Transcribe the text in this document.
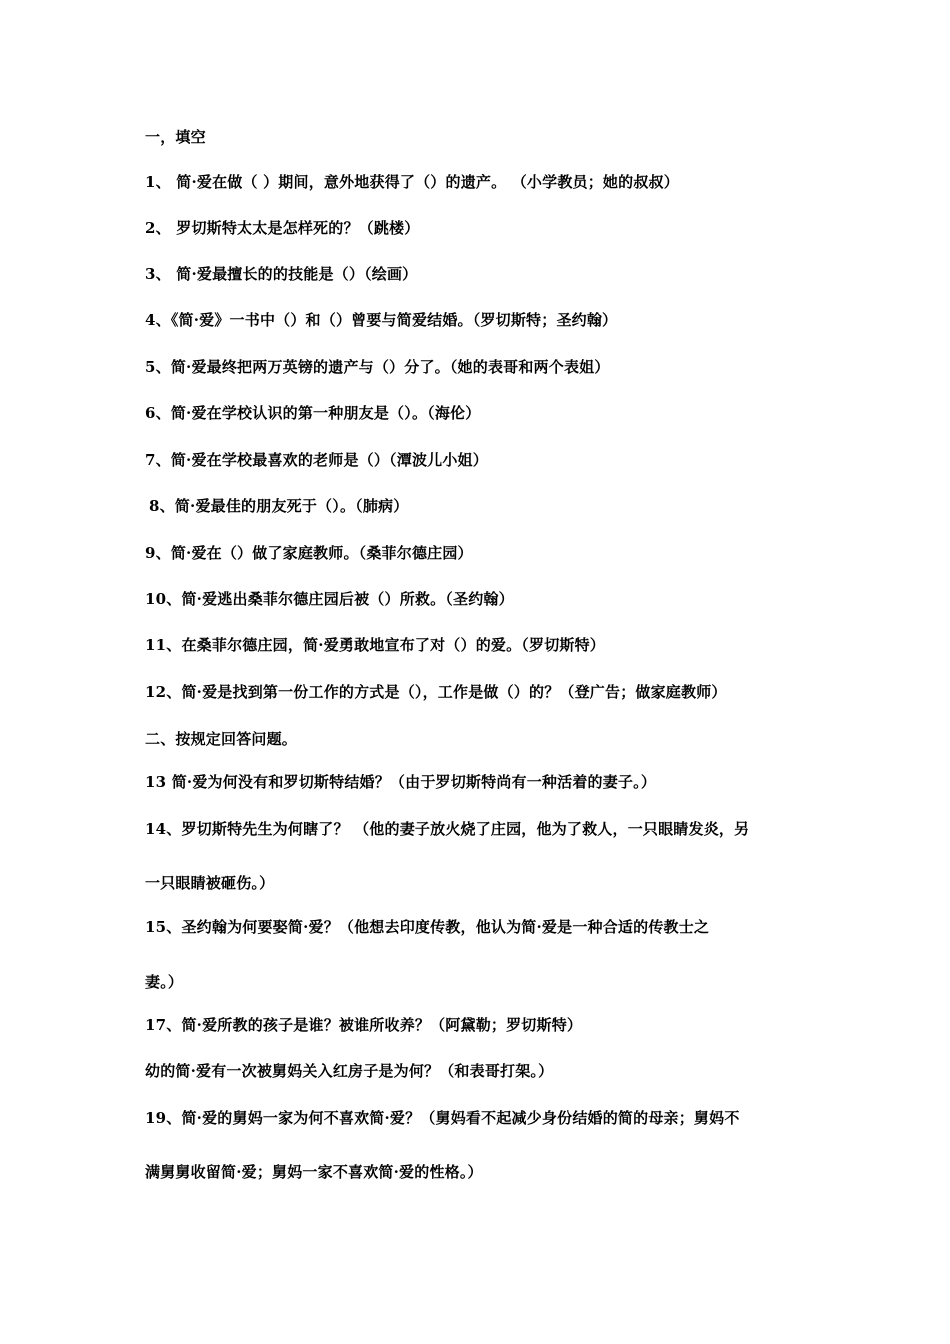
一，填空
1、 简·爱在做（ ）期间，意外地获得了（）的遗产。 （小学教员；她的叔叔）
2、 罗切斯特太太是怎样死的？（跳楼）
3、 简·爱最擅长的的技能是（）（绘画）
4、《简·爱》一书中（）和（）曾要与简爱结婚。（罗切斯特；圣约翰）
5、简·爱最终把两万英镑的遗产与（）分了。（她的表哥和两个表姐）
6、简·爱在学校认识的第一种朋友是（）。（海伦）
7、简·爱在学校最喜欢的老师是（）（潭波儿小姐）
8、简·爱最佳的朋友死于（）。（肺病）
9、简·爱在（）做了家庭教师。（桑菲尔德庄园）
10、简·爱逃出桑菲尔德庄园后被（）所救。（圣约翰）
11、在桑菲尔德庄园，简·爱勇敢地宣布了对（）的爱。（罗切斯特）
12、简·爱是找到第一份工作的方式是（），工作是做（）的？（登广告；做家庭教师）
二、按规定回答问题。
13 简·爱为何没有和罗切斯特结婚？（由于罗切斯特尚有一种活着的妻子。）
14、罗切斯特先生为何瞎了？ （他的妻子放火烧了庄园，他为了救人，一只眼睛发炎，另
一只眼睛被砸伤。）
15、圣约翰为何要娶简·爱？（他想去印度传教，他认为简·爱是一种合适的传教士之
妻。）
17、简·爱所教的孩子是谁？被谁所收养？（阿黛勒；罗切斯特）
幼的简·爱有一次被舅妈关入红房子是为何？（和表哥打架。）
19、简·爱的舅妈一家为何不喜欢简·爱？（舅妈看不起减少身份结婚的简的母亲；舅妈不
满舅舅收留简·爱；舅妈一家不喜欢简·爱的性格。）
